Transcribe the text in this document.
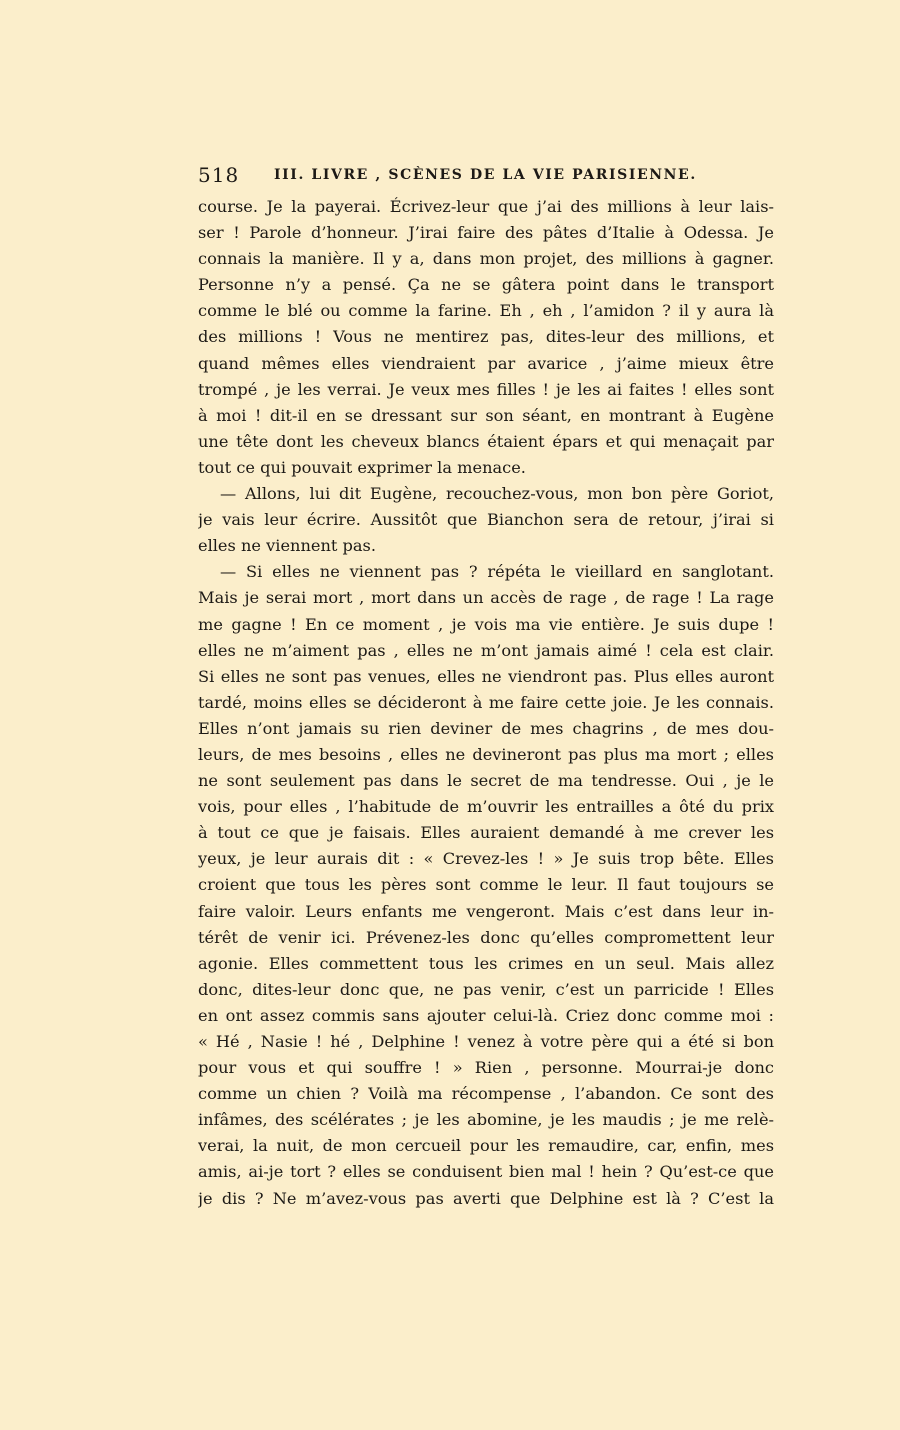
518 III. LIVRE , SCÈNES DE LA VIE PARISIENNE.
course. Je la payerai. Écrivez-leur que j’ai des millions à leur lais-
ser ! Parole d’honneur. J’irai faire des pâtes d’Italie à Odessa. Je
connais la manière. Il y a, dans mon projet, des millions à gagner.
Personne n’y a pensé. Ça ne se gâtera point dans le transport
comme le blé ou comme la farine. Eh , eh , l’amidon ? il y aura là
des millions ! Vous ne mentirez pas, dites-leur des millions, et
quand mêmes elles viendraient par avarice , j’aime mieux être
trompé , je les verrai. Je veux mes filles ! je les ai faites ! elles sont
à moi ! dit-il en se dressant sur son séant, en montrant à Eugène
une tête dont les cheveux blancs étaient épars et qui menaçait par
tout ce qui pouvait exprimer la menace.
— Allons, lui dit Eugène, recouchez-vous, mon bon père Goriot,
je vais leur écrire. Aussitôt que Bianchon sera de retour, j’irai si
elles ne viennent pas.
— Si elles ne viennent pas ? répéta le vieillard en sanglotant.
Mais je serai mort , mort dans un accès de rage , de rage ! La rage
me gagne ! En ce moment , je vois ma vie entière. Je suis dupe !
elles ne m’aiment pas , elles ne m’ont jamais aimé ! cela est clair.
Si elles ne sont pas venues, elles ne viendront pas. Plus elles auront
tardé, moins elles se décideront à me faire cette joie. Je les connais.
Elles n’ont jamais su rien deviner de mes chagrins , de mes dou-
leurs, de mes besoins , elles ne devineront pas plus ma mort ; elles
ne sont seulement pas dans le secret de ma tendresse. Oui , je le
vois, pour elles , l’habitude de m’ouvrir les entrailles a ôté du prix
à tout ce que je faisais. Elles auraient demandé à me crever les
yeux, je leur aurais dit : « Crevez-les ! » Je suis trop bête. Elles
croient que tous les pères sont comme le leur. Il faut toujours se
faire valoir. Leurs enfants me vengeront. Mais c’est dans leur in-
térêt de venir ici. Prévenez-les donc qu’elles compromettent leur
agonie. Elles commettent tous les crimes en un seul. Mais allez
donc, dites-leur donc que, ne pas venir, c’est un parricide ! Elles
en ont assez commis sans ajouter celui-là. Criez donc comme moi :
« Hé , Nasie ! hé , Delphine ! venez à votre père qui a été si bon
pour vous et qui souffre ! » Rien , personne. Mourrai-je donc
comme un chien ? Voilà ma récompense , l’abandon. Ce sont des
infâmes, des scélérates ; je les abomine, je les maudis ; je me relè-
verai, la nuit, de mon cercueil pour les remaudire, car, enfin, mes
amis, ai-je tort ? elles se conduisent bien mal ! hein ? Qu’est-ce que
je dis ? Ne m’avez-vous pas averti que Delphine est là ? C’est la
